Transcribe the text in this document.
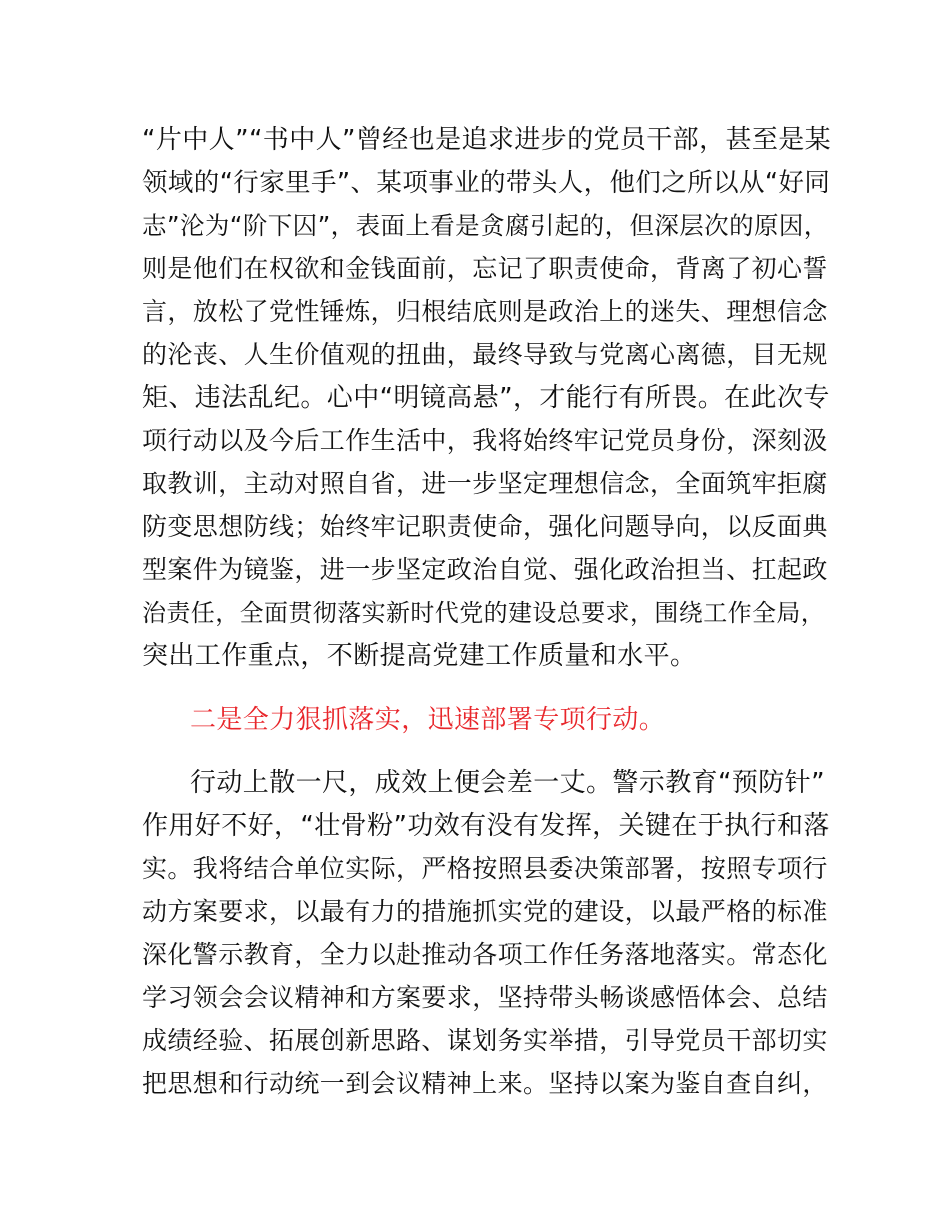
“片中人”“书中人”曾经也是追求进步的党员干部，甚至是某
领域的“行家里手”、某项事业的带头人，他们之所以从“好同
志”沦为“阶下囚”，表面上看是贪腐引起的，但深层次的原因，
则是他们在权欲和金钱面前，忘记了职责使命，背离了初心誓
言，放松了党性锤炼，归根结底则是政治上的迷失、理想信念
的沦丧、人生价值观的扭曲，最终导致与党离心离德，目无规
矩、违法乱纪。心中“明镜高悬”，才能行有所畏。在此次专
项行动以及今后工作生活中，我将始终牢记党员身份，深刻汲
取教训，主动对照自省，进一步坚定理想信念，全面筑牢拒腐
防变思想防线；始终牢记职责使命，强化问题导向，以反面典
型案件为镜鉴，进一步坚定政治自觉、强化政治担当、扛起政
治责任，全面贯彻落实新时代党的建设总要求，围绕工作全局，
突出工作重点，不断提高党建工作质量和水平。
二是全力狠抓落实，迅速部署专项行动。
行动上散一尺，成效上便会差一丈。警示教育“预防针”
作用好不好，“壮骨粉”功效有没有发挥，关键在于执行和落
实。我将结合单位实际，严格按照县委决策部署，按照专项行
动方案要求，以最有力的措施抓实党的建设，以最严格的标准
深化警示教育，全力以赴推动各项工作任务落地落实。常态化
学习领会会议精神和方案要求，坚持带头畅谈感悟体会、总结
成绩经验、拓展创新思路、谋划务实举措，引导党员干部切实
把思想和行动统一到会议精神上来。坚持以案为鉴自查自纠，
